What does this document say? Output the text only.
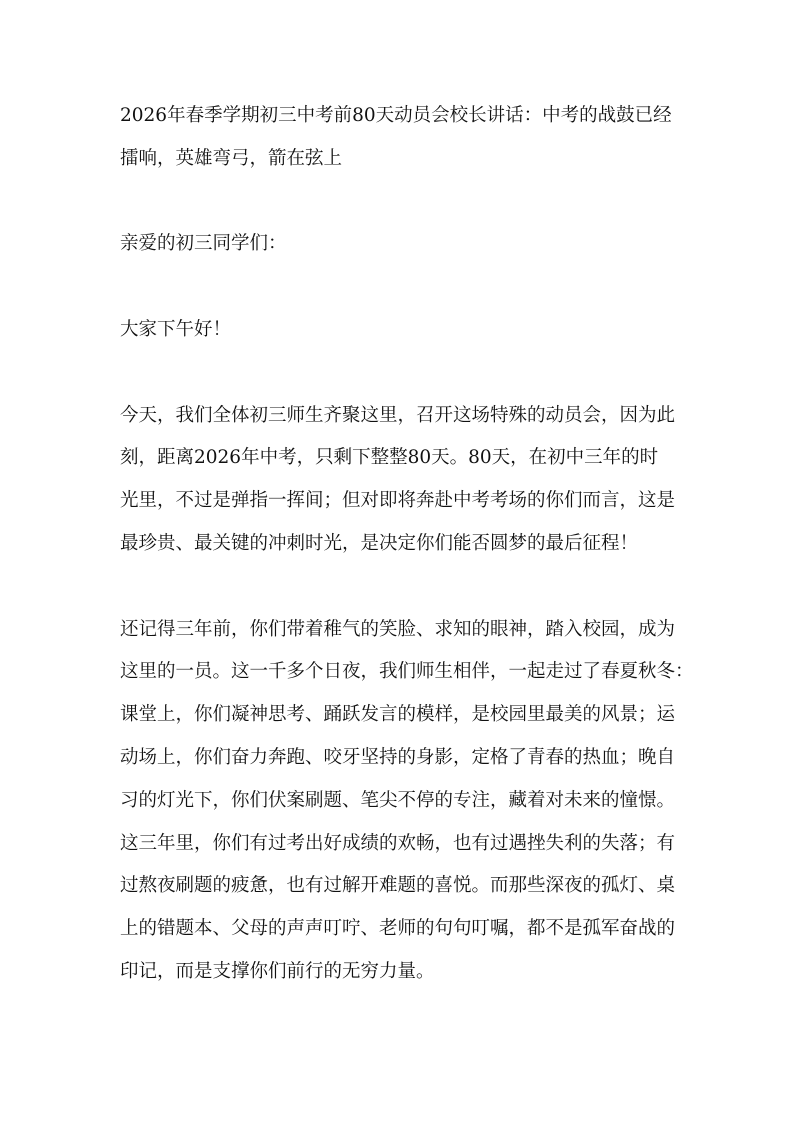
2026年春季学期初三中考前80天动员会校长讲话：中考的战鼓已经
擂响，英雄弯弓，箭在弦上
亲爱的初三同学们：
大家下午好！
今天，我们全体初三师生齐聚这里，召开这场特殊的动员会，因为此
刻，距离2026年中考，只剩下整整80天。80天，在初中三年的时
光里，不过是弹指一挥间；但对即将奔赴中考考场的你们而言，这是
最珍贵、最关键的冲刺时光，是决定你们能否圆梦的最后征程！
还记得三年前，你们带着稚气的笑脸、求知的眼神，踏入校园，成为
这里的一员。这一千多个日夜，我们师生相伴，一起走过了春夏秋冬：
课堂上，你们凝神思考、踊跃发言的模样，是校园里最美的风景；运
动场上，你们奋力奔跑、咬牙坚持的身影，定格了青春的热血；晚自
习的灯光下，你们伏案刷题、笔尖不停的专注，藏着对未来的憧憬。
这三年里，你们有过考出好成绩的欢畅，也有过遇挫失利的失落；有
过熬夜刷题的疲惫，也有过解开难题的喜悦。而那些深夜的孤灯、桌
上的错题本、父母的声声叮咛、老师的句句叮嘱，都不是孤军奋战的
印记，而是支撑你们前行的无穷力量。
